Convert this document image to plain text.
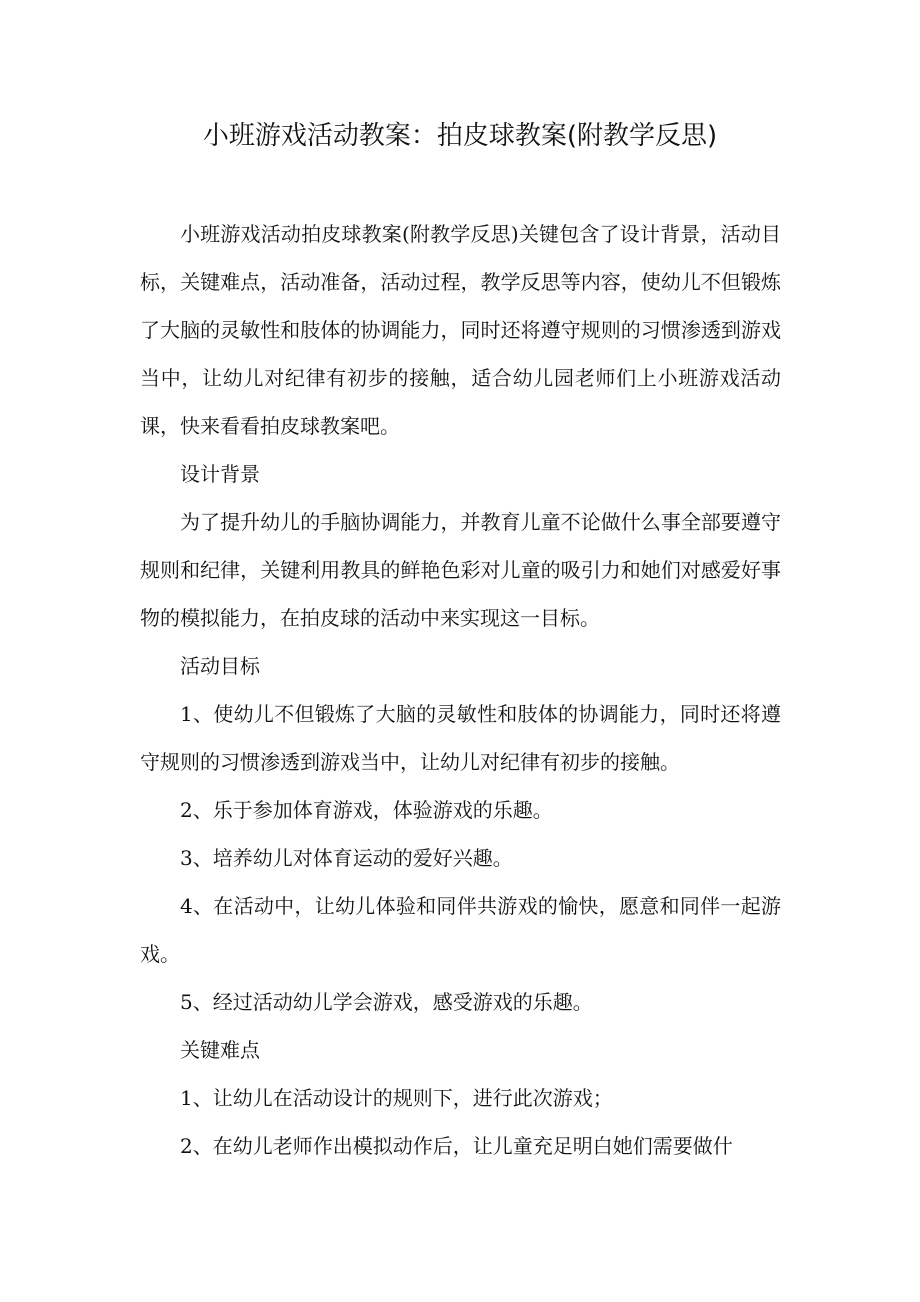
小班游戏活动教案：拍皮球教案(附教学反思)

小班游戏活动拍皮球教案(附教学反思)关键包含了设计背景，活动目标，关键难点，活动准备，活动过程，教学反思等内容，使幼儿不但锻炼了大脑的灵敏性和肢体的协调能力，同时还将遵守规则的习惯渗透到游戏当中，让幼儿对纪律有初步的接触，适合幼儿园老师们上小班游戏活动课，快来看看拍皮球教案吧。

设计背景

为了提升幼儿的手脑协调能力，并教育儿童不论做什么事全部要遵守规则和纪律，关键利用教具的鲜艳色彩对儿童的吸引力和她们对感爱好事物的模拟能力，在拍皮球的活动中来实现这一目标。

活动目标

1、使幼儿不但锻炼了大脑的灵敏性和肢体的协调能力，同时还将遵守规则的习惯渗透到游戏当中，让幼儿对纪律有初步的接触。

2、乐于参加体育游戏，体验游戏的乐趣。

3、培养幼儿对体育运动的爱好兴趣。

4、在活动中，让幼儿体验和同伴共游戏的愉快，愿意和同伴一起游戏。

5、经过活动幼儿学会游戏，感受游戏的乐趣。

关键难点

1、让幼儿在活动设计的规则下，进行此次游戏；

2、在幼儿老师作出模拟动作后，让儿童充足明白她们需要做什
